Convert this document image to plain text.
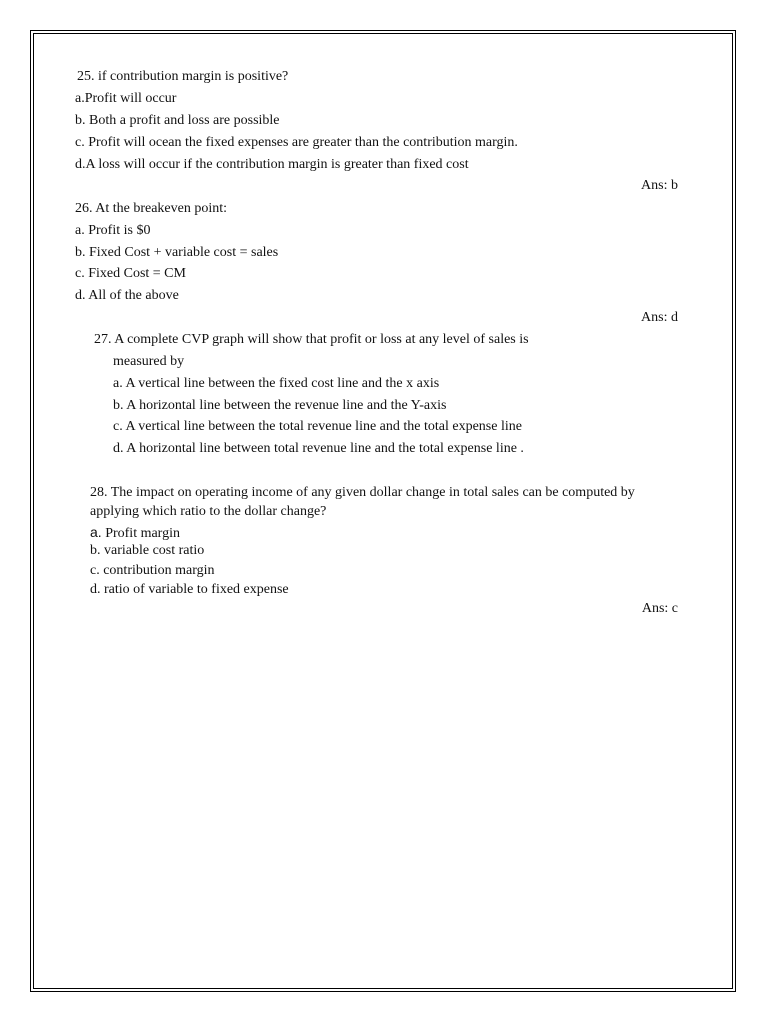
25. if contribution margin is positive?
a.Profit will occur
b. Both a profit and loss are possible
c. Profit will ocean the fixed expenses are greater than the contribution margin.
d.A loss will occur if the contribution margin is greater than fixed cost
Ans: b
26. At the breakeven point:
a. Profit is $0
b. Fixed Cost + variable cost = sales
c. Fixed Cost = CM
d. All of the above
Ans: d
27. A complete CVP graph will show that profit or loss at any level of sales is
measured by
a. A vertical line between the fixed cost line and the x axis
b. A horizontal line between the revenue line and the Y-axis
c. A vertical line between the total revenue line and the total expense line
d. A horizontal line between total revenue line and the total expense line .
28. The impact on operating income of any given dollar change in total sales can be computed by
applying which ratio to the dollar change?
a. Profit margin
b. variable cost ratio
c. contribution margin
d. ratio of variable to fixed expense
Ans: c
